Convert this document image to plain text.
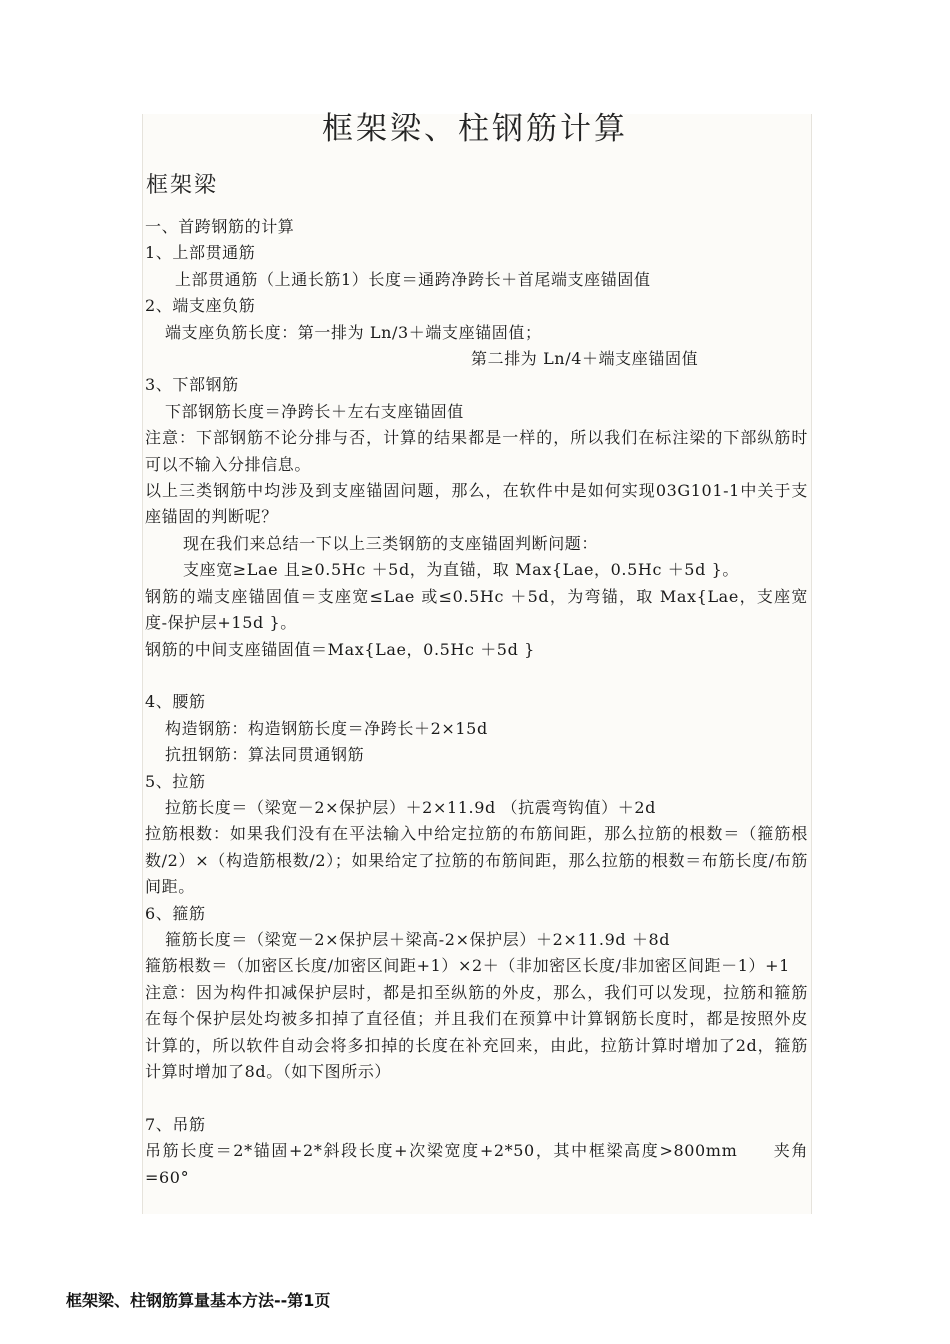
框架梁、柱钢筋计算
框架梁
一、首跨钢筋的计算
1、上部贯通筋
上部贯通筋（上通长筋1）长度＝通跨净跨长＋首尾端支座锚固值
2、端支座负筋
端支座负筋长度：第一排为 Ln/3＋端支座锚固值；
第二排为 Ln/4＋端支座锚固值
3、下部钢筋
下部钢筋长度＝净跨长＋左右支座锚固值
注意：下部钢筋不论分排与否，计算的结果都是一样的，所以我们在标注梁的下部纵筋时可以不输入分排信息。
以上三类钢筋中均涉及到支座锚固问题，那么，在软件中是如何实现03G101-1中关于支座锚固的判断呢？
现在我们来总结一下以上三类钢筋的支座锚固判断问题：
支座宽≥Lae 且≥0.5Hc ＋5d，为直锚，取 Max{Lae，0.5Hc ＋5d }。
钢筋的端支座锚固值＝支座宽≤Lae 或≤0.5Hc ＋5d，为弯锚，取 Max{Lae，支座宽度-保护层+15d }。
钢筋的中间支座锚固值＝Max{Lae，0.5Hc ＋5d }
4、腰筋
构造钢筋：构造钢筋长度＝净跨长＋2×15d
抗扭钢筋：算法同贯通钢筋
5、拉筋
拉筋长度＝（梁宽－2×保护层）＋2×11.9d （抗震弯钩值）＋2d
拉筋根数：如果我们没有在平法输入中给定拉筋的布筋间距，那么拉筋的根数＝（箍筋根数/2）×（构造筋根数/2）；如果给定了拉筋的布筋间距，那么拉筋的根数＝布筋长度/布筋间距。
6、箍筋
箍筋长度＝（梁宽－2×保护层＋梁高-2×保护层）＋2×11.9d ＋8d
箍筋根数＝（加密区长度/加密区间距+1）×2＋（非加密区长度/非加密区间距－1）+1
注意：因为构件扣减保护层时，都是扣至纵筋的外皮，那么，我们可以发现，拉筋和箍筋在每个保护层处均被多扣掉了直径值；并且我们在预算中计算钢筋长度时，都是按照外皮计算的，所以软件自动会将多扣掉的长度在补充回来，由此，拉筋计算时增加了2d，箍筋计算时增加了8d。（如下图所示）
7、吊筋
吊筋长度＝2*锚固+2*斜段长度+次梁宽度+2*50，其中框梁高度>800mm　　夹角=60°
框架梁、柱钢筋算量基本方法--第1页
